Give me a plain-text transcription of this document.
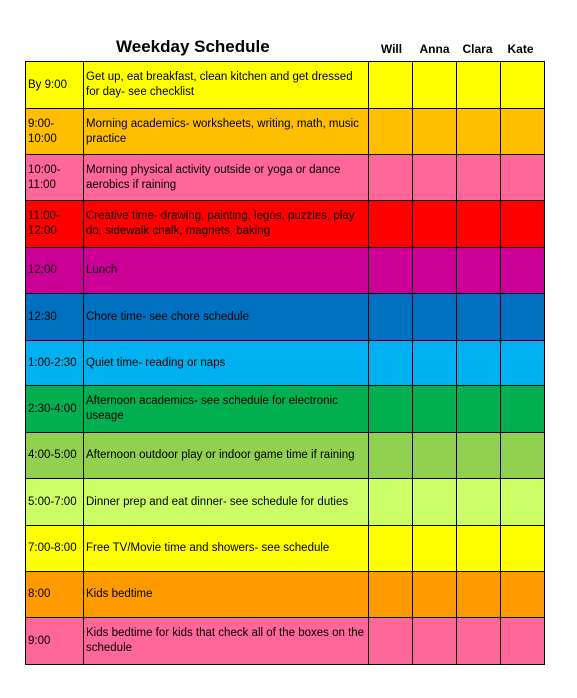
Weekday Schedule	Will	Anna	Clara	Kate
By 9:00	Get up, eat breakfast, clean kitchen and get dressed for day- see checklist				
9:00- 10:00	Morning academics- worksheets, writing, math, music practice				
10:00- 11:00	Morning physical activity outside or yoga or dance aerobics if raining				
11:00- 12:00	Creative time- drawing, painting, legos, puzzles, play do, sidewalk chalk, magnets, baking				
12:00	Lunch				
12:30	Chore time- see chore schedule				
1:00-2:30	Quiet time- reading or naps				
2:30-4:00	Afternoon academics- see schedule for electronic useage				
4:00-5:00	Afternoon outdoor play or indoor game time if raining				
5:00-7:00	Dinner prep and eat dinner- see schedule for duties				
7:00-8:00	Free TV/Movie time and showers- see schedule				
8:00	Kids bedtime				
9:00	Kids bedtime for kids that check all of the boxes on the schedule				
